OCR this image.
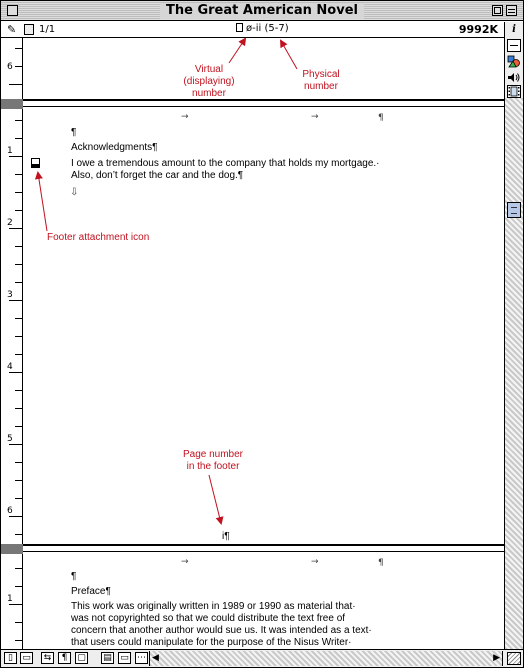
The Great American Novel
✎ 1/1	ø-ii (5-7)	9992K	i
6
1
2
3
4
5
6
1
→	→	¶
¶
Acknowledgments¶
I owe a tremendous amount to the company that holds my mortgage.·
Also, don’t forget the car and the dog.¶
⇩
i¶
→	→	¶
¶
Preface¶
This work was originally written in 1989 or 1990 as material that·
was not copyrighted so that we could distribute the text free of
concern that another author would sue us. It was intended as a text·
that users could manipulate for the purpose of the Nisus Writer·
Virtual
(displaying)
number
Physical
number
Footer attachment icon
Page number
in the footer
▯	▭	⇆	¶	▢ ▤ ▭ ⋯ ◀	▶
